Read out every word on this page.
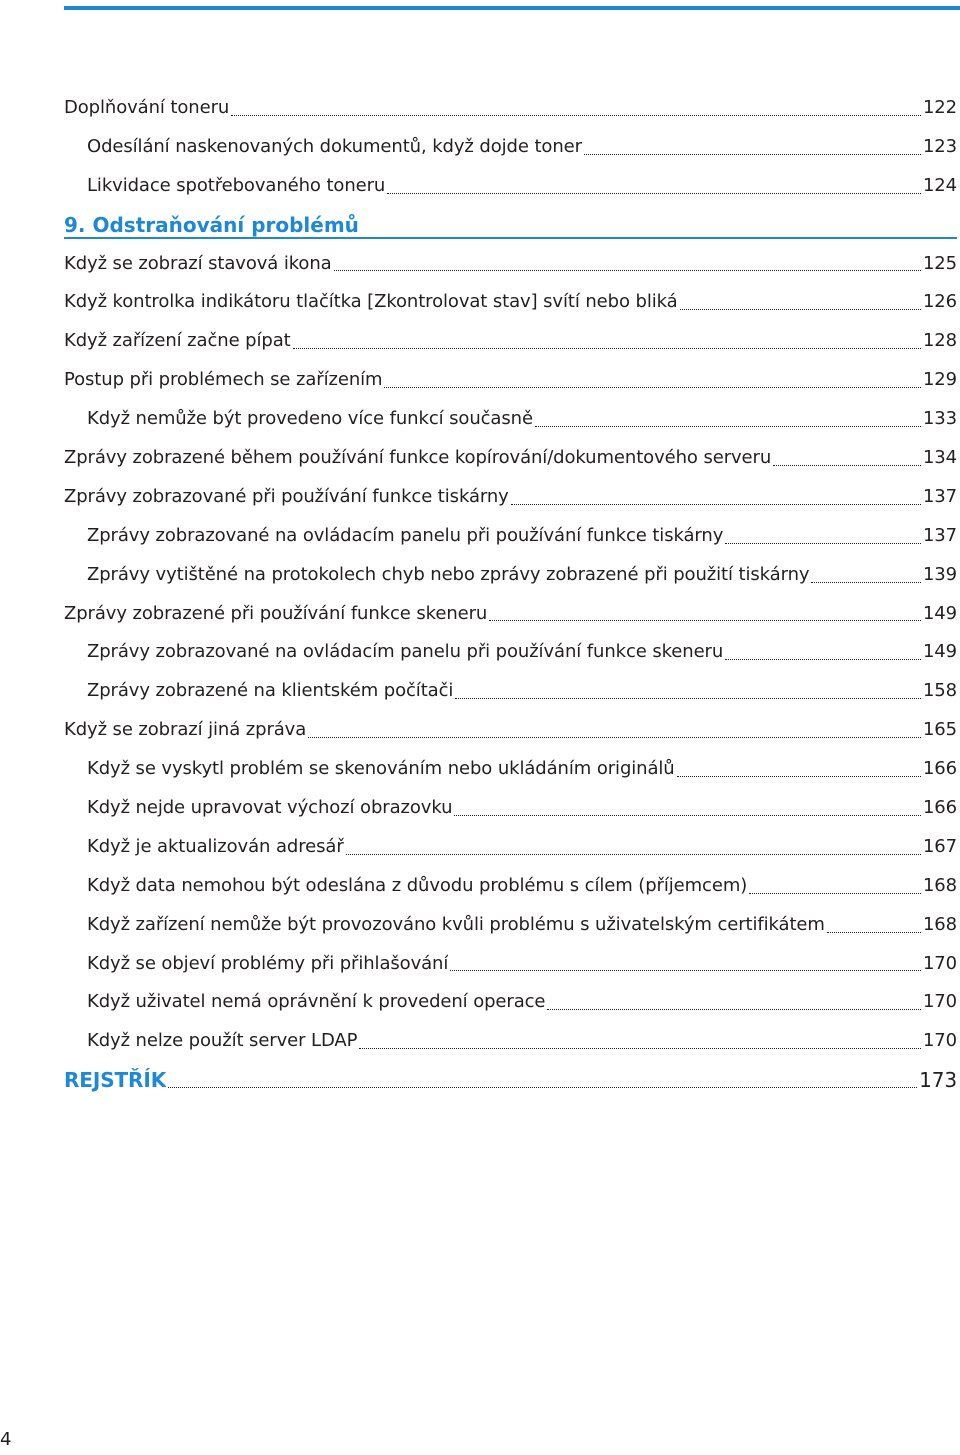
Doplňování toneru	122
Odesílání naskenovaných dokumentů, když dojde toner	123
Likvidace spotřebovaného toneru	124
9. Odstraňování problémů
Když se zobrazí stavová ikona	125
Když kontrolka indikátoru tlačítka [Zkontrolovat stav] svítí nebo bliká	126
Když zařízení začne pípat	128
Postup při problémech se zařízením	129
Když nemůže být provedeno více funkcí současně	133
Zprávy zobrazené během používání funkce kopírování/dokumentového serveru	134
Zprávy zobrazované při používání funkce tiskárny	137
Zprávy zobrazované na ovládacím panelu při používání funkce tiskárny	137
Zprávy vytištěné na protokolech chyb nebo zprávy zobrazené při použití tiskárny	139
Zprávy zobrazené při používání funkce skeneru	149
Zprávy zobrazované na ovládacím panelu při používání funkce skeneru	149
Zprávy zobrazené na klientském počítači	158
Když se zobrazí jiná zpráva	165
Když se vyskytl problém se skenováním nebo ukládáním originálů	166
Když nejde upravovat výchozí obrazovku	166
Když je aktualizován adresář	167
Když data nemohou být odeslána z důvodu problému s cílem (příjemcem)	168
Když zařízení nemůže být provozováno kvůli problému s uživatelským certifikátem	168
Když se objeví problémy při přihlašování	170
Když uživatel nemá oprávnění k provedení operace	170
Když nelze použít server LDAP	170
REJSTŘÍK	173
4
